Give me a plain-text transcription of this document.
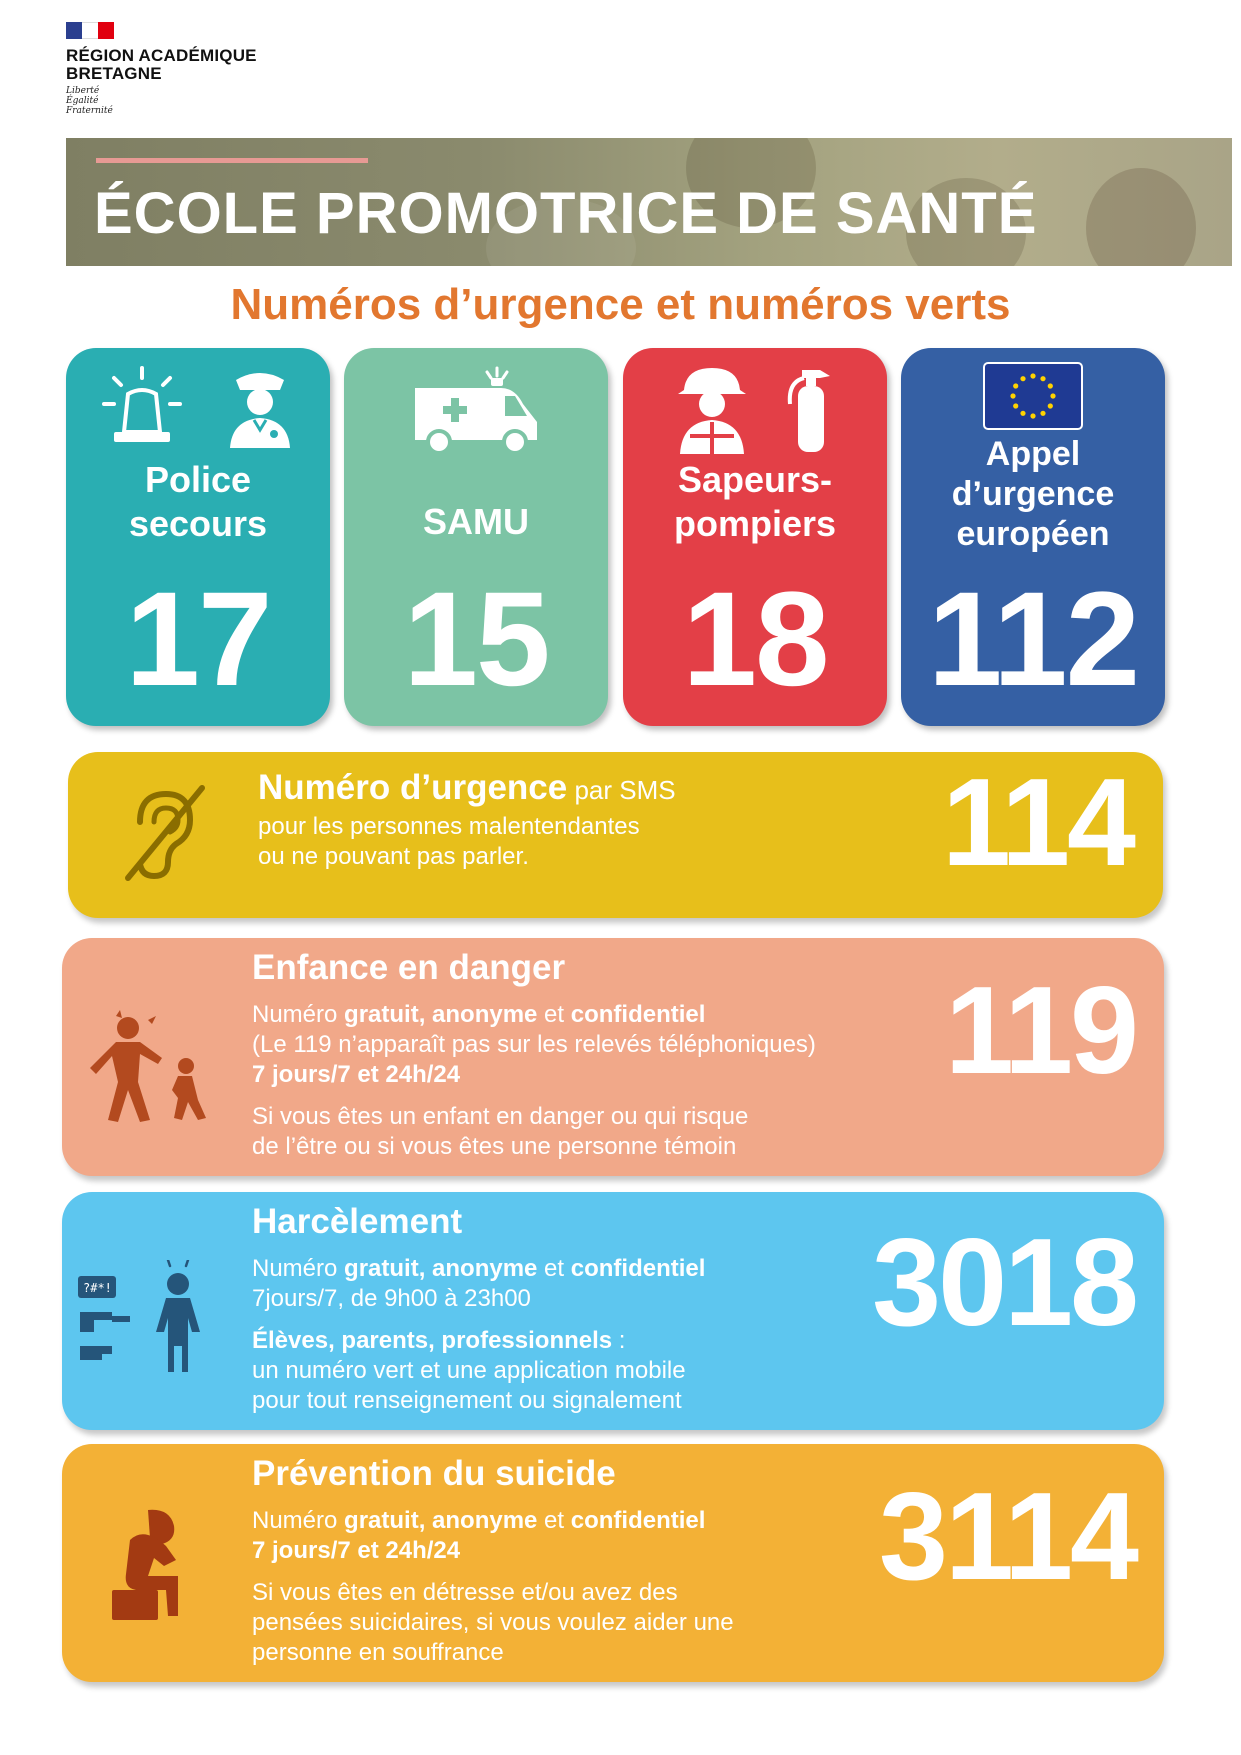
RÉGION ACADÉMIQUE
BRETAGNE
Liberté
Égalité
Fraternité
ÉCOLE PROMOTRICE DE SANTÉ
Numéros d’urgence et numéros verts
Police
secours
17
SAMU
15
Sapeurs-
pompiers
18
Appel
d’urgence
européen
112
Numéro d’urgence par SMS
pour les personnes malentendantes
ou ne pouvant pas parler.	114
Enfance en danger
Numéro gratuit, anonyme et confidentiel
(Le 119 n’apparaît pas sur les relevés téléphoniques)
7 jours/7 et 24h/24
Si vous êtes un enfant en danger ou qui risque
de l’être ou si vous êtes une personne témoin
119
?#*!
Harcèlement
Numéro gratuit, anonyme et confidentiel
7jours/7, de 9h00 à 23h00
Élèves, parents, professionnels :
un numéro vert et une application mobile
pour tout renseignement ou signalement
3018
Prévention du suicide
Numéro gratuit, anonyme et confidentiel
7 jours/7 et 24h/24
Si vous êtes en détresse et/ou avez des
pensées suicidaires, si vous voulez aider une
personne en souffrance
3114
